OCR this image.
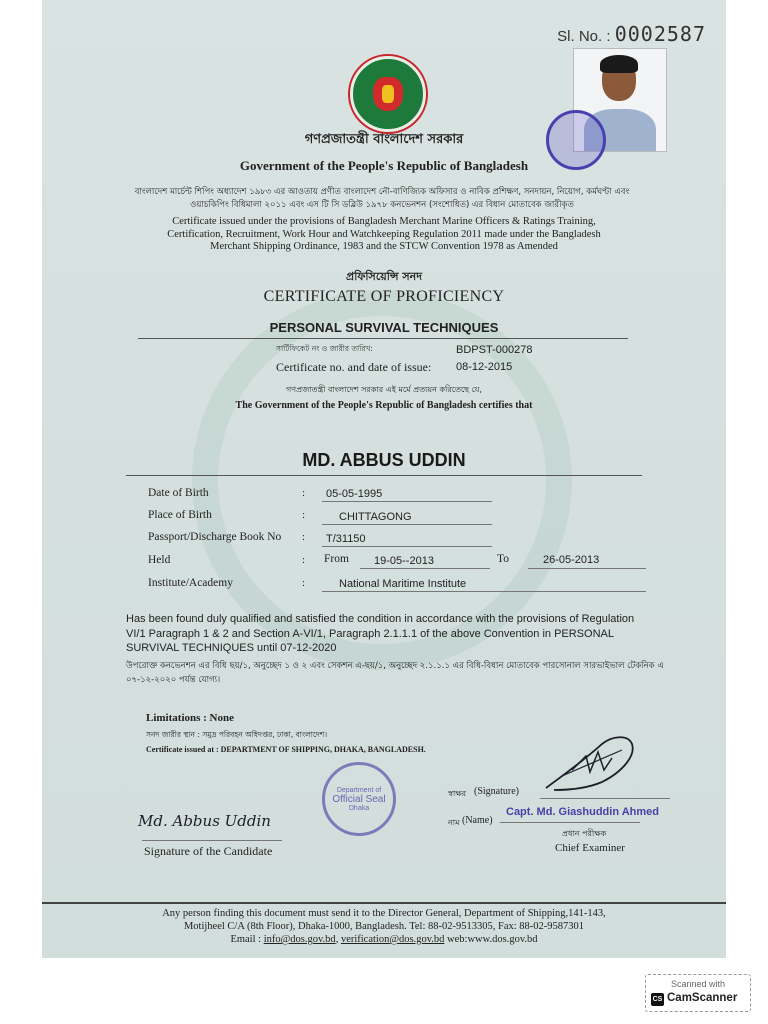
Sl. No. : 0002587
গণপ্রজাতন্ত্রী বাংলাদেশ সরকার
Government of the People's Republic of Bangladesh
বাংলাদেশ মার্চেন্ট শিপিং অধ্যাদেশ ১৯৮৩ এর আওতায় প্রণীত বাংলাদেশ নৌ-বাণিজ্যিক অফিসার ও নাবিক প্রশিক্ষণ, সনদায়ন, নিয়োগ, কর্মঘণ্টা এবং ওয়াচকিপিং বিধিমালা ২০১১ এবং এস টি সি ডব্লিউ ১৯৭৮ কনভেনশন (সংশোধিত) এর বিধান মোতাবেক জারীকৃত
Certificate issued under the provisions of Bangladesh Merchant Marine Officers & Ratings Training, Certification, Recruitment, Work Hour and Watchkeeping Regulation 2011 made under the Bangladesh Merchant Shipping Ordinance, 1983 and the STCW Convention 1978 as Amended
প্রফিসিয়েন্সি সনদ
CERTIFICATE OF PROFICIENCY
PERSONAL SURVIVAL TECHNIQUES
সার্টিফিকেট নং ও জারীর তারিখ:
Certificate no. and date of issue:
BDPST-000278
08-12-2015
গণপ্রজাতন্ত্রী বাংলাদেশ সরকার এই মর্মে প্রত্যয়ন করিতেছে যে,
The Government of the People's Republic of Bangladesh certifies that
MD. ABBUS UDDIN
Date of Birth	: 05-05-1995
Place of Birth	:	CHITTAGONG
Passport/Discharge Book No : T/31150
Held	: From 19-05--2013	To	26-05-2013
Institute/Academy	:	National Maritime Institute
Has been found duly qualified and satisfied the condition in accordance with the provisions of Regulation VI/1 Paragraph 1 & 2 and Section A-VI/1, Paragraph 2.1.1.1 of the above Convention in PERSONAL SURVIVAL TECHNIQUES until 07-12-2020
উপরোক্ত কনভেনশন এর বিধি ছয়/১, অনুচ্ছেদ ১ ও ২ এবং সেকশন এ-ছয়/১, অনুচ্ছেদ ২.১.১.১ এর বিধি-বিধান মোতাবেক পারসোনাল সারভাইভাল টেকনিক এ ০৭-১২-২০২০ পর্যন্ত যোগ্য।
Limitations : None
সনদ জারীর স্থান : সমুদ্র পরিবহন অধিদপ্তর, ঢাকা, বাংলাদেশ।
Certificate issued at : DEPARTMENT OF SHIPPING, DHAKA, BANGLADESH.
Department of
Official Seal
Dhaka
স্বাক্ষর (Signature)
নাম (Name)
Capt. Md. Giashuddin Ahmed
প্রধান পরীক্ষক
Chief Examiner
Md. Abbus Uddin
Signature of the Candidate
Any person finding this document must send it to the Director General, Department of Shipping,141-143,
Motijheel C/A (8th Floor), Dhaka-1000, Bangladesh. Tel: 88-02-9513305, Fax: 88-02-9587301
Email : info@dos.gov.bd, verification@dos.gov.bd web:www.dos.gov.bd
Scanned with
CS CamScanner
